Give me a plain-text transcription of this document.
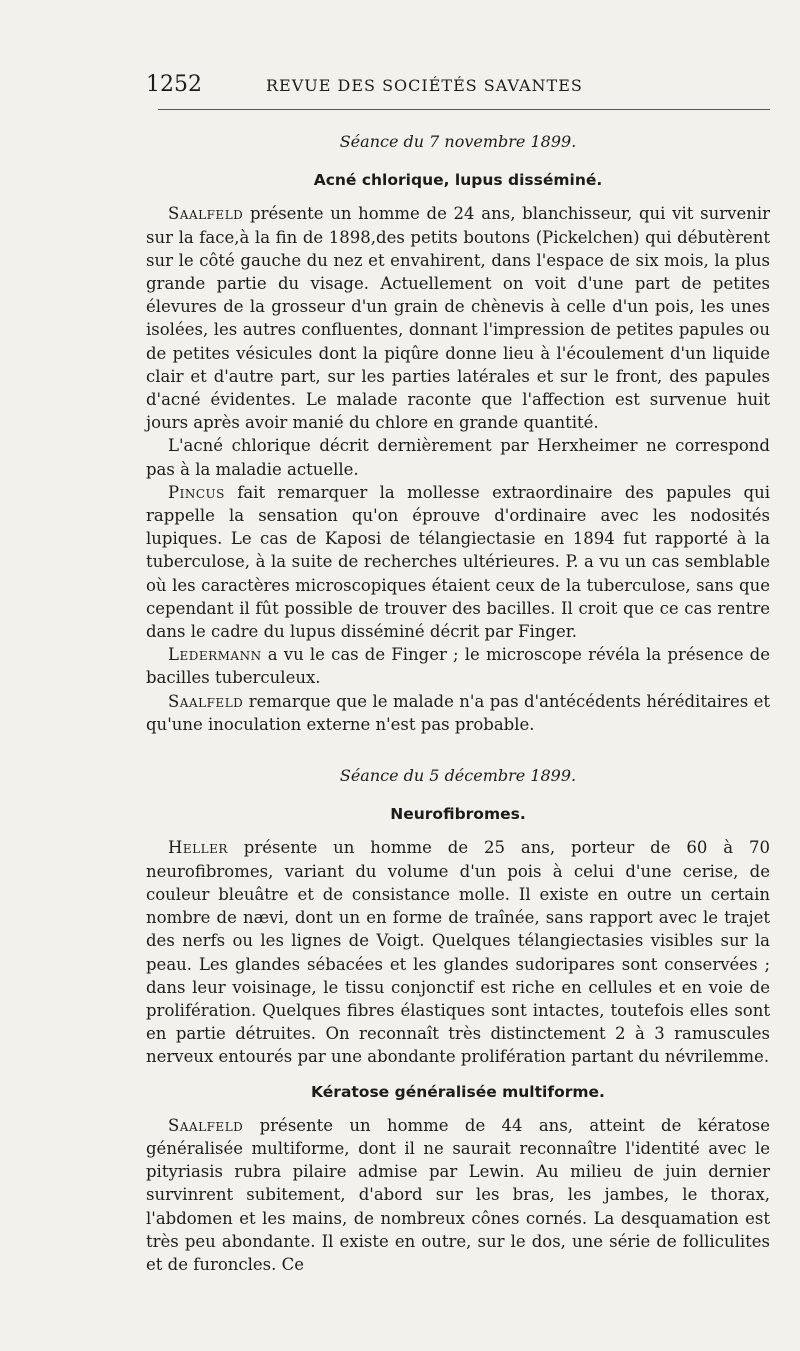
1252	REVUE DES SOCIÉTÉS SAVANTES
Séance du 7 novembre 1899.
Acné chlorique, lupus disséminé.

Saalfeld présente un homme de 24 ans, blanchisseur, qui vit survenir sur la face,à la fin de 1898,des petits boutons (Pickelchen) qui débutèrent sur le côté gauche du nez et envahirent, dans l'espace de six mois, la plus grande partie du visage. Actuellement on voit d'une part de petites élevures de la grosseur d'un grain de chènevis à celle d'un pois, les unes isolées, les autres confluentes, donnant l'impression de petites papules ou de petites vésicules dont la piqûre donne lieu à l'écoulement d'un liquide clair et d'autre part, sur les parties latérales et sur le front, des papules d'acné évidentes. Le malade raconte que l'affection est survenue huit jours après avoir manié du chlore en grande quantité.

L'acné chlorique décrit dernièrement par Herxheimer ne correspond pas à la maladie actuelle.

Pincus fait remarquer la mollesse extraordinaire des papules qui rappelle la sensation qu'on éprouve d'ordinaire avec les nodosités lupiques. Le cas de Kaposi de télangiectasie en 1894 fut rapporté à la tuberculose, à la suite de recherches ultérieures. P. a vu un cas semblable où les caractères microscopiques étaient ceux de la tuberculose, sans que cependant il fût possible de trouver des bacilles. Il croit que ce cas rentre dans le cadre du lupus disséminé décrit par Finger.

Ledermann a vu le cas de Finger ; le microscope révéla la présence de bacilles tuberculeux.

Saalfeld remarque que le malade n'a pas d'antécédents héréditaires et qu'une inoculation externe n'est pas probable.

Séance du 5 décembre 1899.
Neurofibromes.

Heller présente un homme de 25 ans, porteur de 60 à 70 neurofibromes, variant du volume d'un pois à celui d'une cerise, de couleur bleuâtre et de consistance molle. Il existe en outre un certain nombre de nævi, dont un en forme de traînée, sans rapport avec le trajet des nerfs ou les lignes de Voigt. Quelques télangiectasies visibles sur la peau. Les glandes sébacées et les glandes sudoripares sont conservées ; dans leur voisinage, le tissu conjonctif est riche en cellules et en voie de prolifération. Quelques fibres élastiques sont intactes, toutefois elles sont en partie détruites. On reconnaît très distinctement 2 à 3 ramuscules nerveux entourés par une abondante prolifération partant du névrilemme.

Kératose généralisée multiforme.

Saalfeld présente un homme de 44 ans, atteint de kératose généralisée multiforme, dont il ne saurait reconnaître l'identité avec le pityriasis rubra pilaire admise par Lewin. Au milieu de juin dernier survinrent subitement, d'abord sur les bras, les jambes, le thorax, l'abdomen et les mains, de nombreux cônes cornés. La desquamation est très peu abondante. Il existe en outre, sur le dos, une série de folliculites et de furoncles. Ce
